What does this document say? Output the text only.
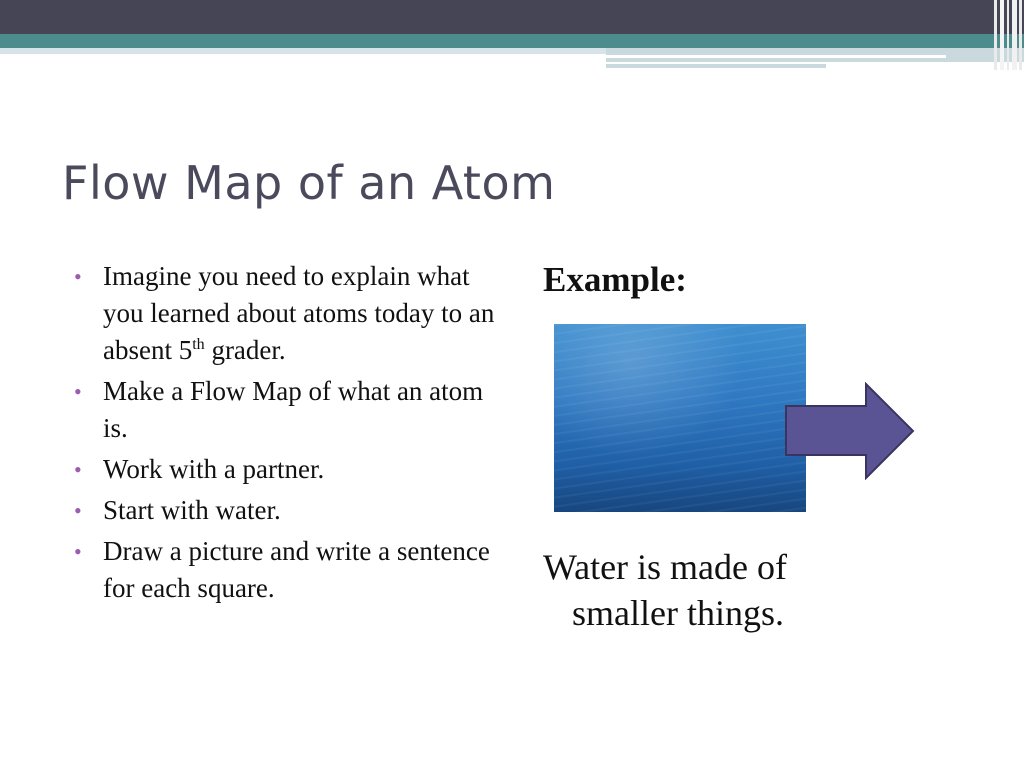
Flow Map of an Atom
• Imagine you need to explain what you learned about atoms today to an absent 5th grader.
• Make a Flow Map of what an atom is.
• Work with a partner.
• Start with water.
• Draw a picture and write a sentence for each square.
Example:

Water is made of
smaller things.
